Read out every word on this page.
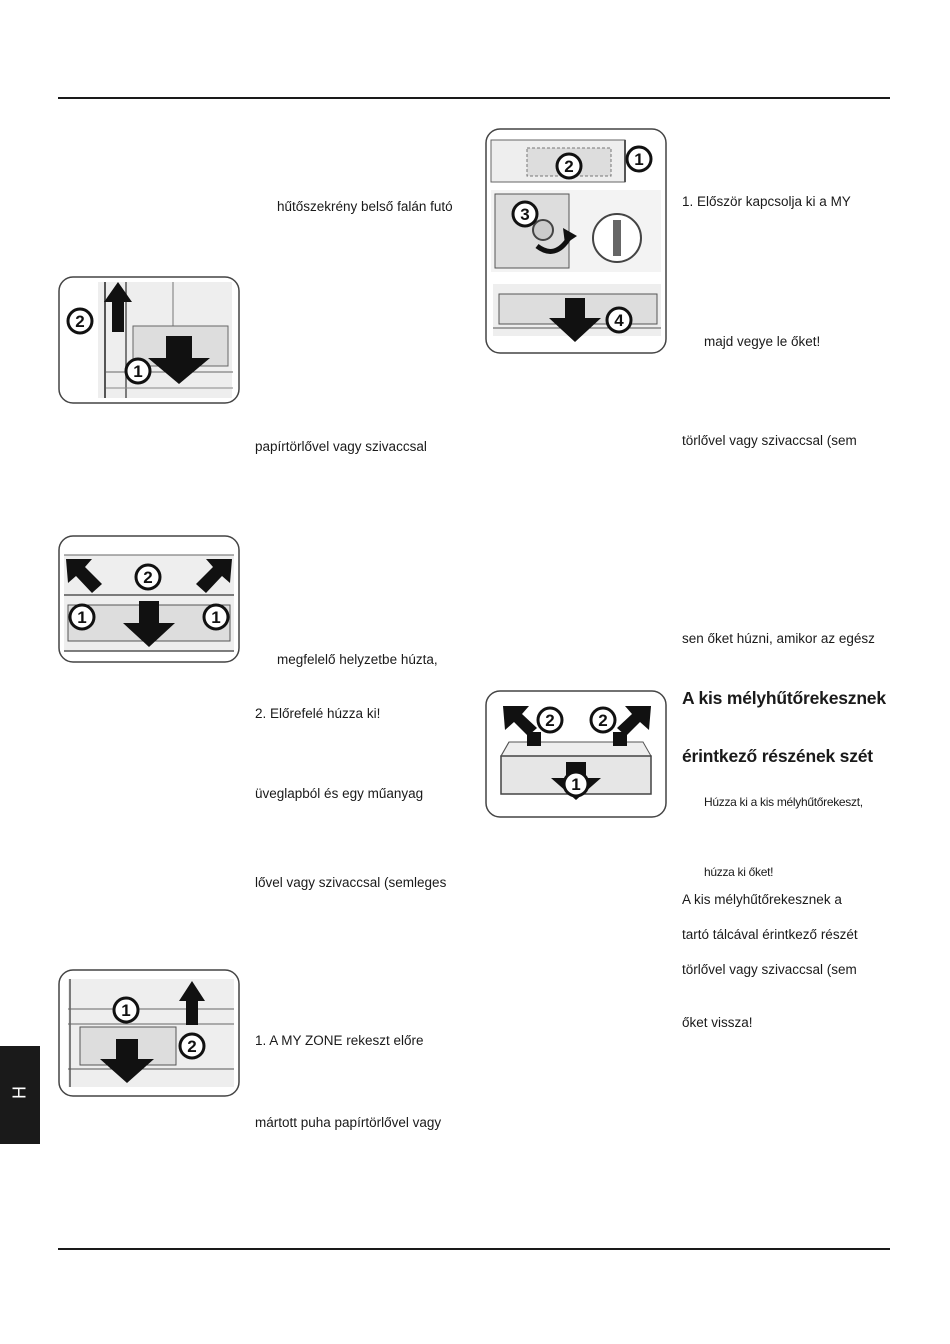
hűtőszekrény belső falán futó
papírtörlővel vagy szivaccsal
megfelelő helyzetbe húzta,
2. Előrefelé húzza ki!
üveglapból és egy műanyag
lővel vagy szivaccsal (semleges
1. A MY ZONE rekeszt előre
mártott puha papírtörlővel vagy
1. Először kapcsolja ki a MY
majd vegye le őket!
törlővel vagy szivaccsal (sem
sen őket húzni, amikor az egész
A kis mélyhűtőrekesznek
érintkező részének szét
Húzza ki a kis mélyhűtőrekeszt,
húzza ki őket!
A kis mélyhűtőrekesznek a
tartó tálcával érintkező részét
törlővel vagy szivaccsal (sem
őket vissza!
2
1
2
1	1
1
2
2	1
3
4
2	2
1
H
